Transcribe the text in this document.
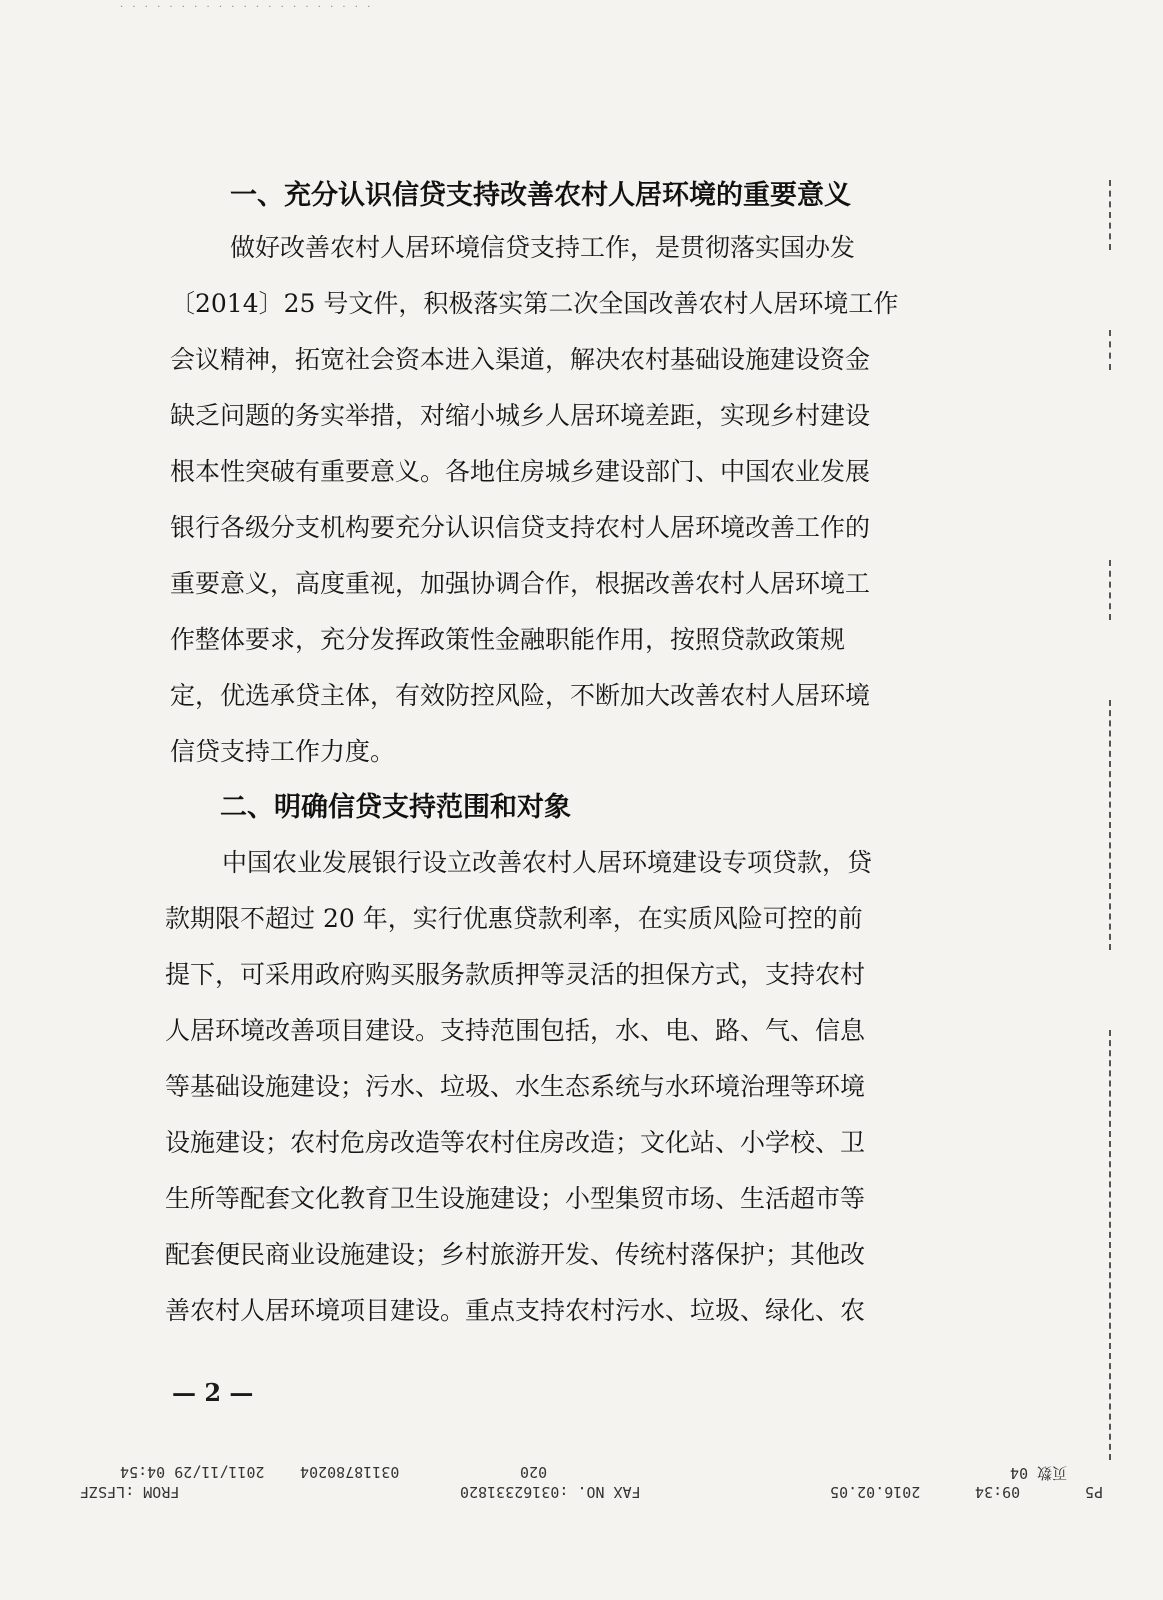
· · · · · · · · · · · · · · · · · · · · ·
一、充分认识信贷支持改善农村人居环境的重要意义
做好改善农村人居环境信贷支持工作，是贯彻落实国办发
〔2014〕25 号文件，积极落实第二次全国改善农村人居环境工作
会议精神，拓宽社会资本进入渠道，解决农村基础设施建设资金
缺乏问题的务实举措，对缩小城乡人居环境差距，实现乡村建设
根本性突破有重要意义。各地住房城乡建设部门、中国农业发展
银行各级分支机构要充分认识信贷支持农村人居环境改善工作的
重要意义，高度重视，加强协调合作，根据改善农村人居环境工
作整体要求，充分发挥政策性金融职能作用，按照贷款政策规
定，优选承贷主体，有效防控风险，不断加大改善农村人居环境
信贷支持工作力度。
二、明确信贷支持范围和对象
中国农业发展银行设立改善农村人居环境建设专项贷款，贷
款期限不超过 20 年，实行优惠贷款利率，在实质风险可控的前
提下，可采用政府购买服务款质押等灵活的担保方式，支持农村
人居环境改善项目建设。支持范围包括，水、电、路、气、信息
等基础设施建设；污水、垃圾、水生态系统与水环境治理等环境
设施建设；农村危房改造等农村住房改造；文化站、小学校、卫
生所等配套文化教育卫生设施建设；小型集贸市场、生活超市等
配套便民商业设施建设；乡村旅游开发、传统村落保护；其他改
善农村人居环境项目建设。重点支持农村污水、垃圾、绿化、农
— 2 —
页数 04
020
03118780204
2011/11/29 04:54
P5
09:34
2016.02.05
FAX NO. :03162331820
FROM :LFSZF
